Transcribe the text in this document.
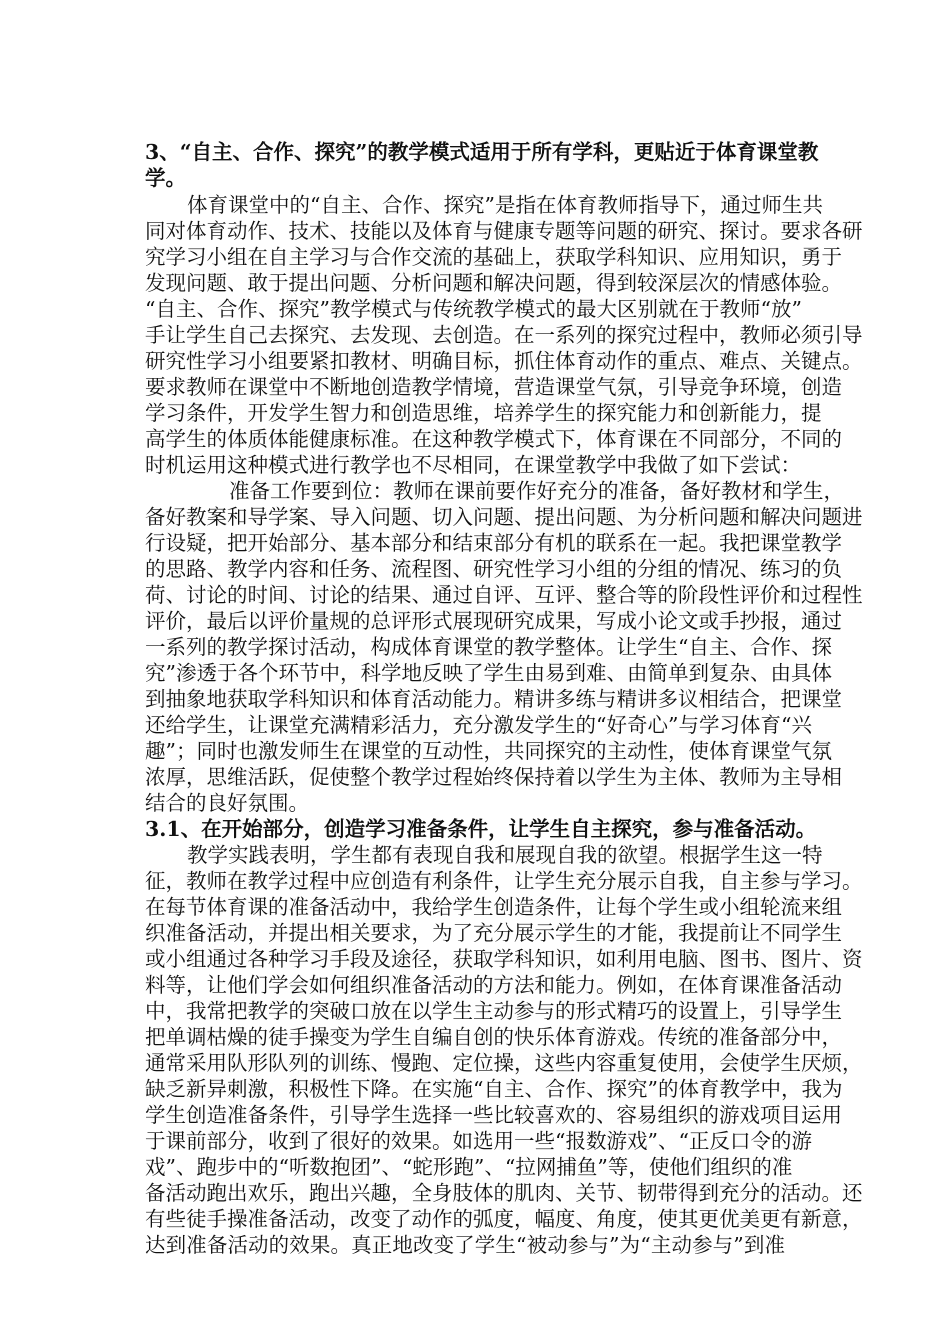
3、“自主、合作、探究”的教学模式适用于所有学科，更贴近于体育课堂教
学。
体育课堂中的“自主、合作、探究”是指在体育教师指导下，通过师生共
同对体育动作、技术、技能以及体育与健康专题等问题的研究、探讨。要求各研
究学习小组在自主学习与合作交流的基础上，获取学科知识、应用知识，勇于
发现问题、敢于提出问题、分析问题和解决问题，得到较深层次的情感体验。
“自主、合作、探究”教学模式与传统教学模式的最大区别就在于教师“放”
手让学生自己去探究、去发现、去创造。在一系列的探究过程中，教师必须引导
研究性学习小组要紧扣教材、明确目标，抓住体育动作的重点、难点、关键点。
要求教师在课堂中不断地创造教学情境，营造课堂气氛，引导竞争环境，创造
学习条件，开发学生智力和创造思维，培养学生的探究能力和创新能力，提
高学生的体质体能健康标准。在这种教学模式下，体育课在不同部分，不同的
时机运用这种模式进行教学也不尽相同，在课堂教学中我做了如下尝试：
准备工作要到位：教师在课前要作好充分的准备，备好教材和学生，
备好教案和导学案、导入问题、切入问题、提出问题、为分析问题和解决问题进
行设疑，把开始部分、基本部分和结束部分有机的联系在一起。我把课堂教学
的思路、教学内容和任务、流程图、研究性学习小组的分组的情况、练习的负
荷、讨论的时间、讨论的结果、通过自评、互评、整合等的阶段性评价和过程性
评价，最后以评价量规的总评形式展现研究成果，写成小论文或手抄报，通过
一系列的教学探讨活动，构成体育课堂的教学整体。让学生“自主、合作、探
究”渗透于各个环节中，科学地反映了学生由易到难、由简单到复杂、由具体
到抽象地获取学科知识和体育活动能力。精讲多练与精讲多议相结合，把课堂
还给学生，让课堂充满精彩活力，充分激发学生的“好奇心”与学习体育“兴
趣”；同时也激发师生在课堂的互动性，共同探究的主动性，使体育课堂气氛
浓厚，思维活跃，促使整个教学过程始终保持着以学生为主体、教师为主导相
结合的良好氛围。
3.1、在开始部分，创造学习准备条件，让学生自主探究，参与准备活动。
教学实践表明，学生都有表现自我和展现自我的欲望。根据学生这一特
征，教师在教学过程中应创造有利条件，让学生充分展示自我，自主参与学习。
在每节体育课的准备活动中，我给学生创造条件，让每个学生或小组轮流来组
织准备活动，并提出相关要求，为了充分展示学生的才能，我提前让不同学生
或小组通过各种学习手段及途径，获取学科知识，如利用电脑、图书、图片、资
料等，让他们学会如何组织准备活动的方法和能力。例如，在体育课准备活动
中，我常把教学的突破口放在以学生主动参与的形式精巧的设置上，引导学生
把单调枯燥的徒手操变为学生自编自创的快乐体育游戏。传统的准备部分中，
通常采用队形队列的训练、慢跑、定位操，这些内容重复使用，会使学生厌烦，
缺乏新异刺激，积极性下降。在实施“自主、合作、探究”的体育教学中，我为
学生创造准备条件，引导学生选择一些比较喜欢的、容易组织的游戏项目运用
于课前部分，收到了很好的效果。如选用一些“报数游戏”、“正反口令的游
戏”、跑步中的“听数抱团”、“蛇形跑”、“拉网捕鱼”等，使他们组织的准
备活动跑出欢乐，跑出兴趣，全身肢体的肌肉、关节、韧带得到充分的活动。还
有些徒手操准备活动，改变了动作的弧度，幅度、角度，使其更优美更有新意，
达到准备活动的效果。真正地改变了学生“被动参与”为“主动参与”到准
